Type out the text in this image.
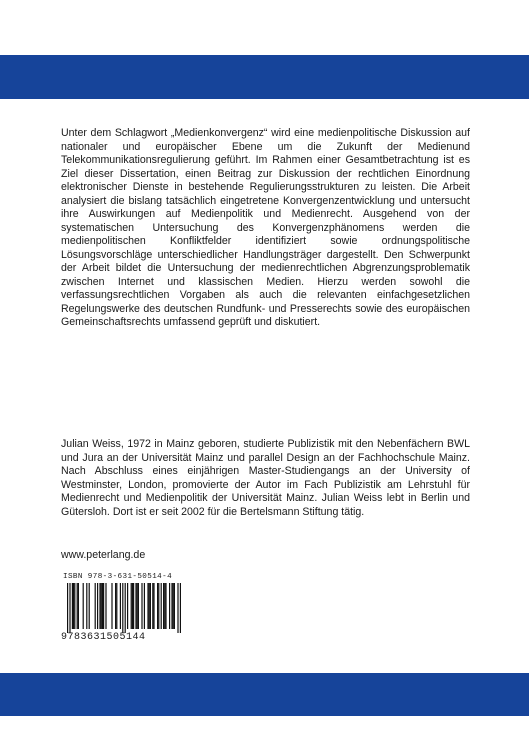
Unter dem Schlagwort „Medienkonvergenz“ wird eine medienpolitische Diskussion auf nationaler und europäischer Ebene um die Zukunft der Medienund Telekommunikationsregulierung geführt. Im Rahmen einer Gesamtbetrachtung ist es Ziel dieser Dissertation, einen Beitrag zur Diskussion der rechtlichen Einordnung elektronischer Dienste in bestehende Regulierungsstrukturen zu leisten. Die Arbeit analysiert die bislang tatsächlich eingetretene Konvergenzentwicklung und untersucht ihre Auswirkungen auf Medienpolitik und Medienrecht. Ausgehend von der systematischen Untersuchung des Konvergenzphänomens werden die medienpolitischen Konfliktfelder identifiziert sowie ordnungspolitische Lösungsvorschläge unterschiedlicher Handlungsträger dargestellt. Den Schwerpunkt der Arbeit bildet die Untersuchung der medienrechtlichen Abgrenzungsproblematik zwischen Internet und klassischen Medien. Hierzu werden sowohl die verfassungsrechtlichen Vorgaben als auch die relevanten einfachgesetzlichen Regelungswerke des deutschen Rundfunk- und Presserechts sowie des europäischen Gemeinschaftsrechts umfassend geprüft und diskutiert.

Julian Weiss, 1972 in Mainz geboren, studierte Publizistik mit den Nebenfächern BWL und Jura an der Universität Mainz und parallel Design an der Fachhochschule Mainz. Nach Abschluss eines einjährigen Master-Studiengangs an der University of Westminster, London, promovierte der Autor im Fach Publizistik am Lehrstuhl für Medienrecht und Medienpolitik der Universität Mainz. Julian Weiss lebt in Berlin und Gütersloh. Dort ist er seit 2002 für die Bertelsmann Stiftung tätig.

www.peterlang.de

ISBN 978-3-631-50514-4
9783631505144
